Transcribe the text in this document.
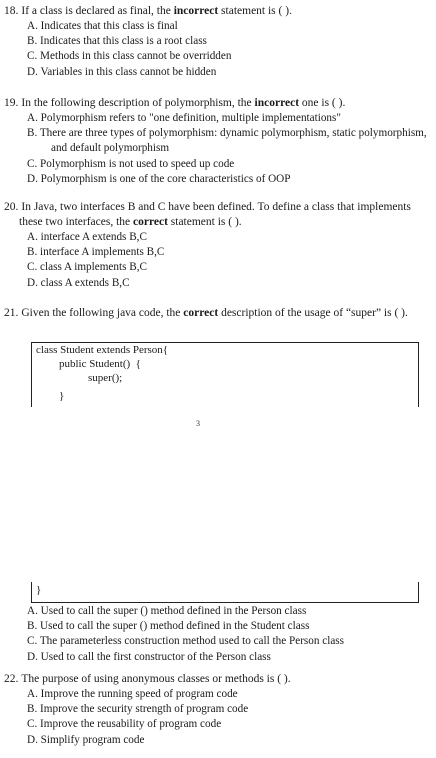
18. If a class is declared as final, the incorrect statement is ( ).

A. Indicates that this class is final

B. Indicates that this class is a root class

C. Methods in this class cannot be overridden

D. Variables in this class cannot be hidden

19. In the following description of polymorphism, the incorrect one is ( ).

A. Polymorphism refers to "one definition, multiple implementations"

B. There are three types of polymorphism: dynamic polymorphism, static polymorphism, and default polymorphism

C. Polymorphism is not used to speed up code

D. Polymorphism is one of the core characteristics of OOP

20. In Java, two interfaces B and C have been defined. To define a class that implements these two interfaces, the correct statement is ( ).

A. interface A extends B,C

B. interface A implements B,C

C. class A implements B,C

D. class A extends B,C

21. Given the following java code, the correct description of the usage of “super” is ( ).

class Student extends Person{
public Student()  {
super();
}
3
}

A. Used to call the super () method defined in the Person class

B. Used to call the super () method defined in the Student class

C. The parameterless construction method used to call the Person class

D. Used to call the first constructor of the Person class

22. The purpose of using anonymous classes or methods is ( ).

A. Improve the running speed of program code

B. Improve the security strength of program code

C. Improve the reusability of program code

D. Simplify program code
